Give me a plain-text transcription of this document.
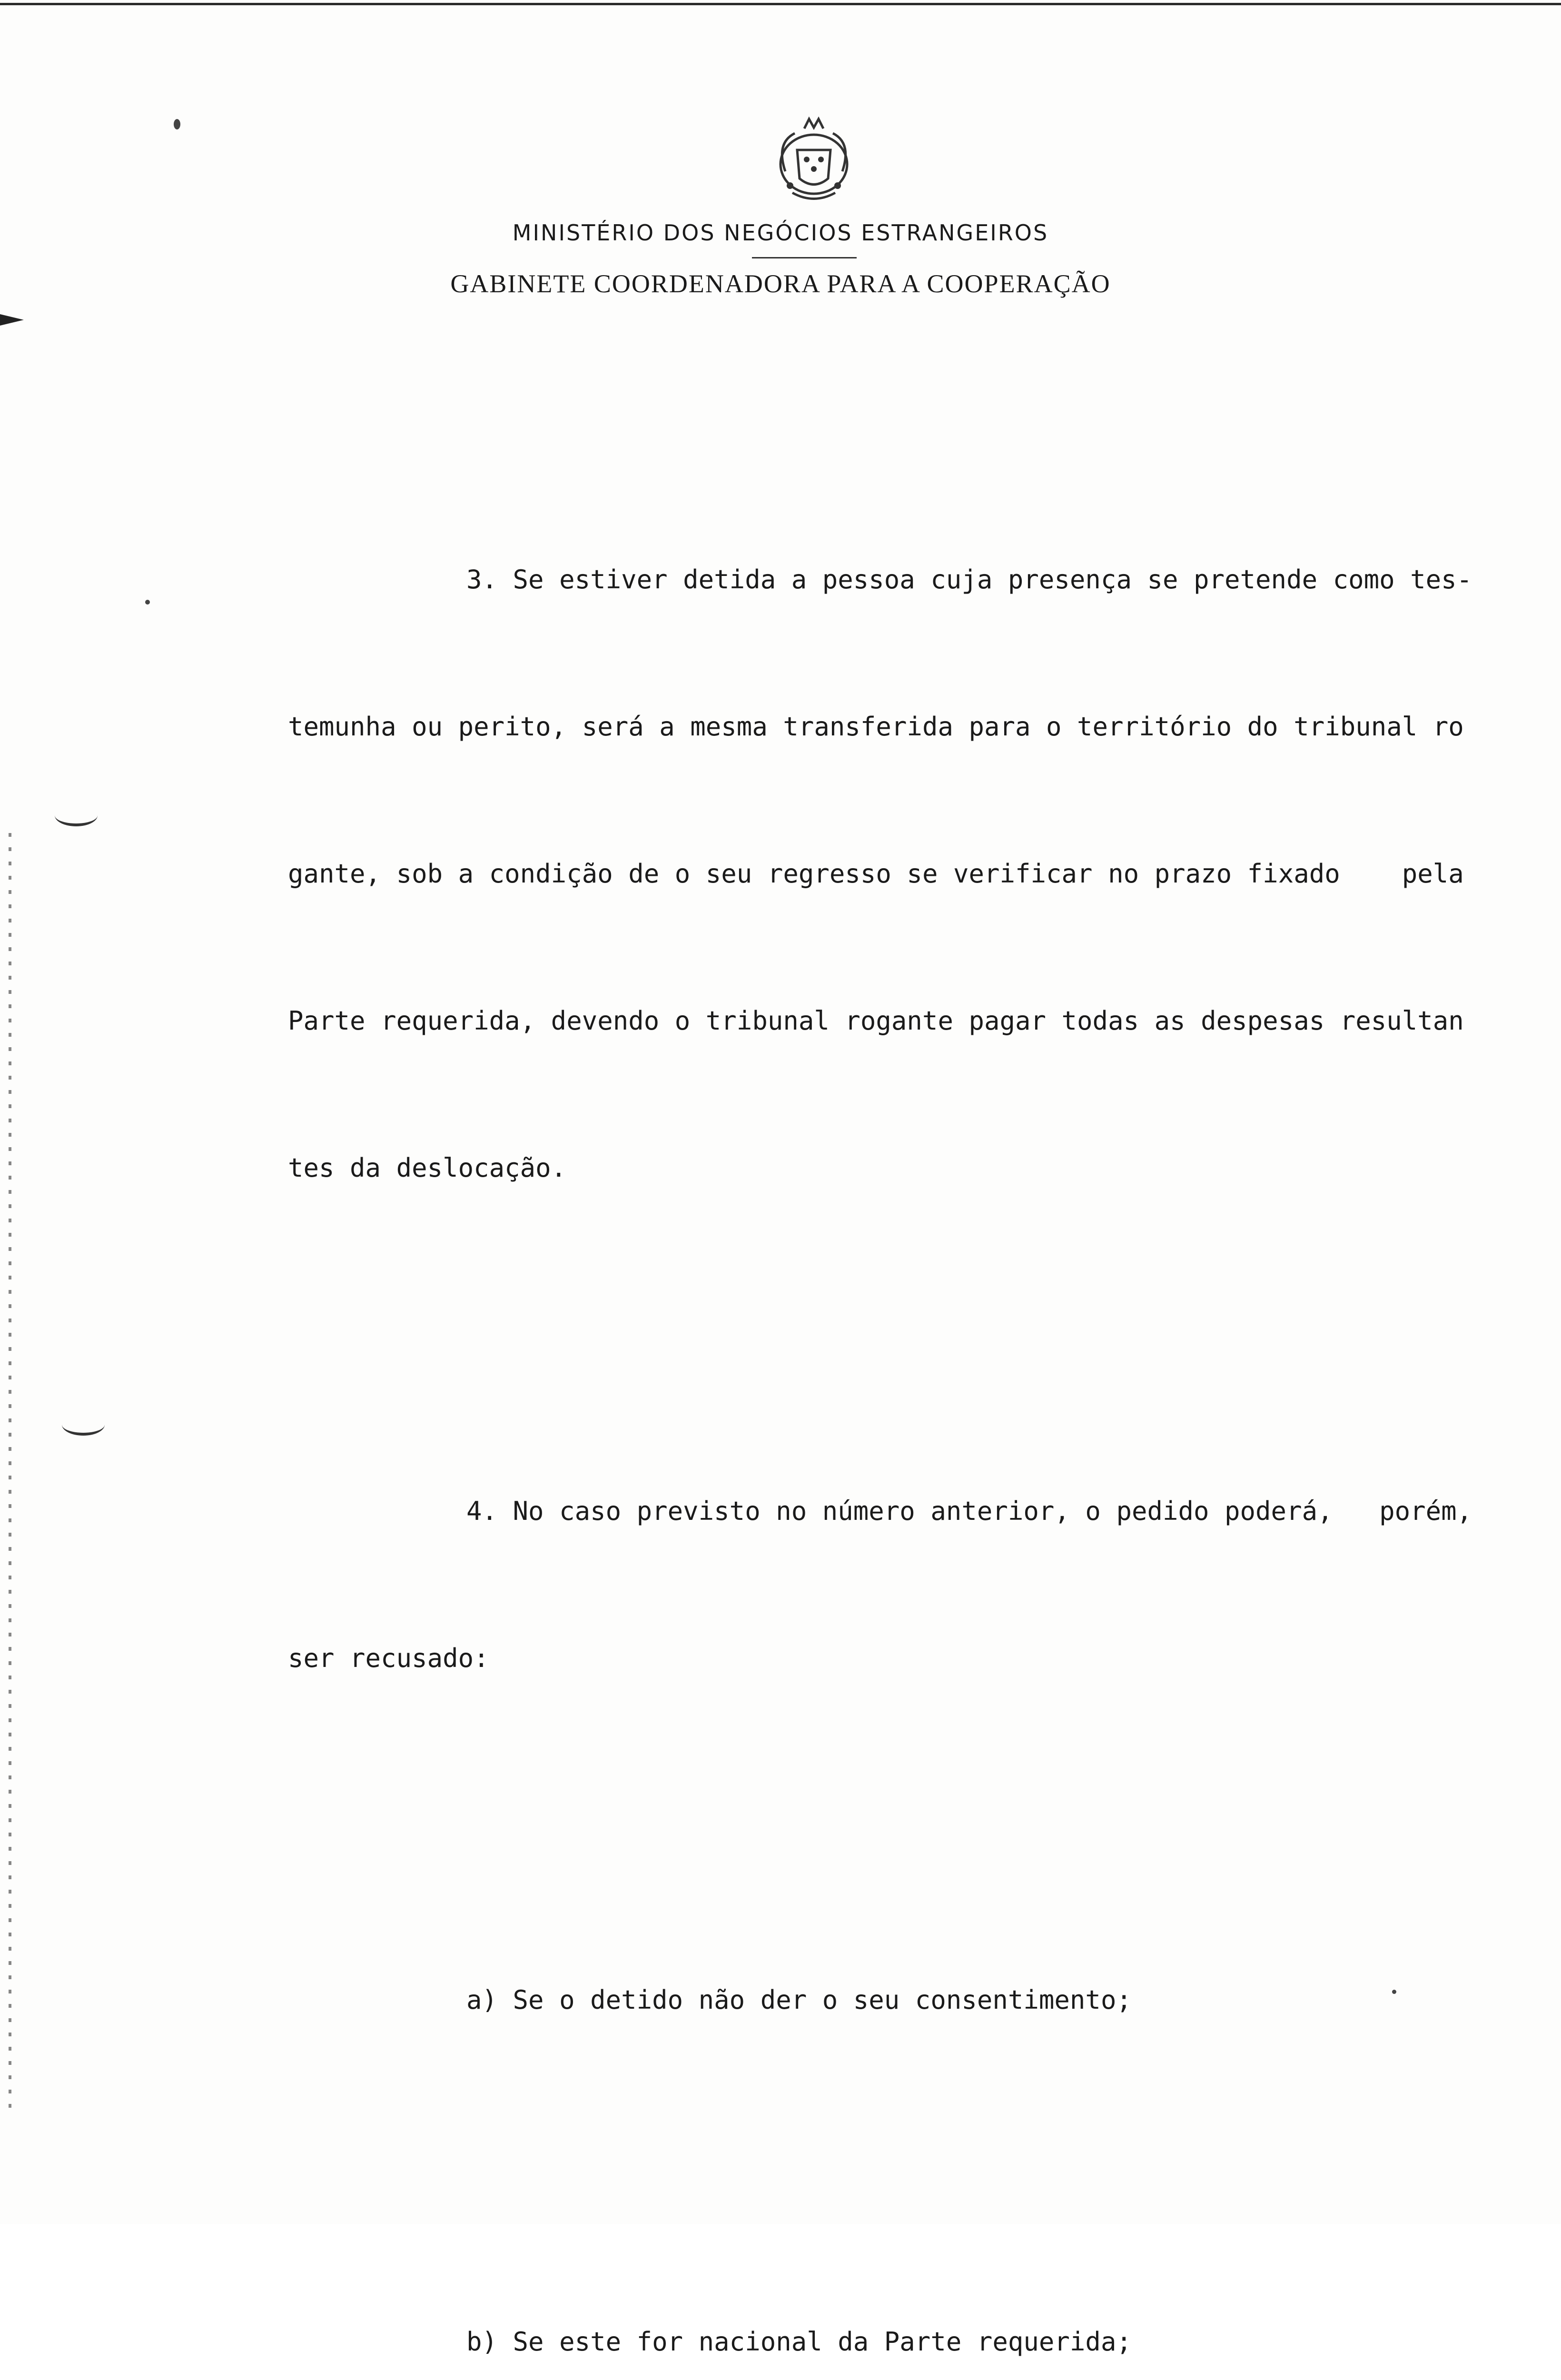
MINISTÉRIO DOS NEGÓCIOS ESTRANGEIROS
GABINETE COORDENADORA PARA A COOPERAÇÃO

3. Se estiver detida a pessoa cuja presença se pretende como tes-

temunha ou perito, será a mesma transferida para o território do tribunal ro

gante, sob a condição de o seu regresso se verificar no prazo fixado    pela

Parte requerida, devendo o tribunal rogante pagar todas as despesas resultan

tes da deslocação.

4. No caso previsto no número anterior, o pedido poderá,   porém,

ser recusado:

a) Se o detido não der o seu consentimento;

b) Se este for nacional da Parte requerida;
